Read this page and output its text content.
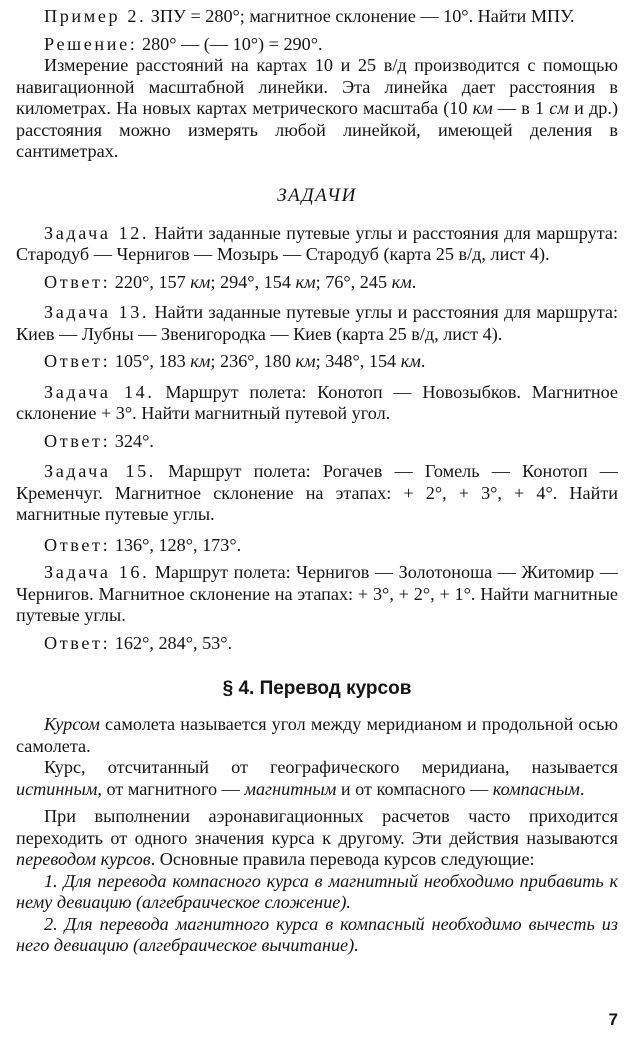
Пример 2. ЗПУ = 280°; магнитное склонение — 10°. Найти МПУ.

Решение: 280° — (— 10°) = 290°.

Измерение расстояний на картах 10 и 25 в/д производится с помощью навигационной масштабной линейки. Эта линейка дает расстояния в километрах. На новых картах метрического масштаба (10 км — в 1 см и др.) расстояния можно измерять любой линейкой, имеющей деления в сантиметрах.

ЗАДАЧИ

Задача 12. Найти заданные путевые углы и расстояния для маршрута: Стародуб — Чернигов — Мозырь — Стародуб (карта 25 в/д, лист 4).

Ответ: 220°, 157 км; 294°, 154 км; 76°, 245 км.

Задача 13. Найти заданные путевые углы и расстояния для маршрута: Киев — Лубны — Звенигородка — Киев (карта 25 в/д, лист 4).

Ответ: 105°, 183 км; 236°, 180 км; 348°, 154 км.

Задача 14. Маршрут полета: Конотоп — Новозыбков. Магнитное склонение + 3°. Найти магнитный путевой угол.

Ответ: 324°.

Задача 15. Маршрут полета: Рогачев — Гомель — Конотоп — Кременчуг. Магнитное склонение на этапах: + 2°, + 3°, + 4°. Найти магнитные путевые углы.

Ответ: 136°, 128°, 173°.

Задача 16. Маршрут полета: Чернигов — Золотоноша — Житомир — Чернигов. Магнитное склонение на этапах: + 3°, + 2°, + 1°. Найти магнитные путевые углы.

Ответ: 162°, 284°, 53°.

§ 4. Перевод курсов

Курсом самолета называется угол между меридианом и продольной осью самолета.

Курс, отсчитанный от географического меридиана, называется истинным, от магнитного — магнитным и от компасного — компасным.

При выполнении аэронавигационных расчетов часто приходится переходить от одного значения курса к другому. Эти действия называются переводом курсов. Основные правила перевода курсов следующие:

1. Для перевода компасного курса в магнитный необходимо прибавить к нему девиацию (алгебраическое сложение).

2. Для перевода магнитного курса в компасный необходимо вычесть из него девиацию (алгебраическое вычитание).

7
